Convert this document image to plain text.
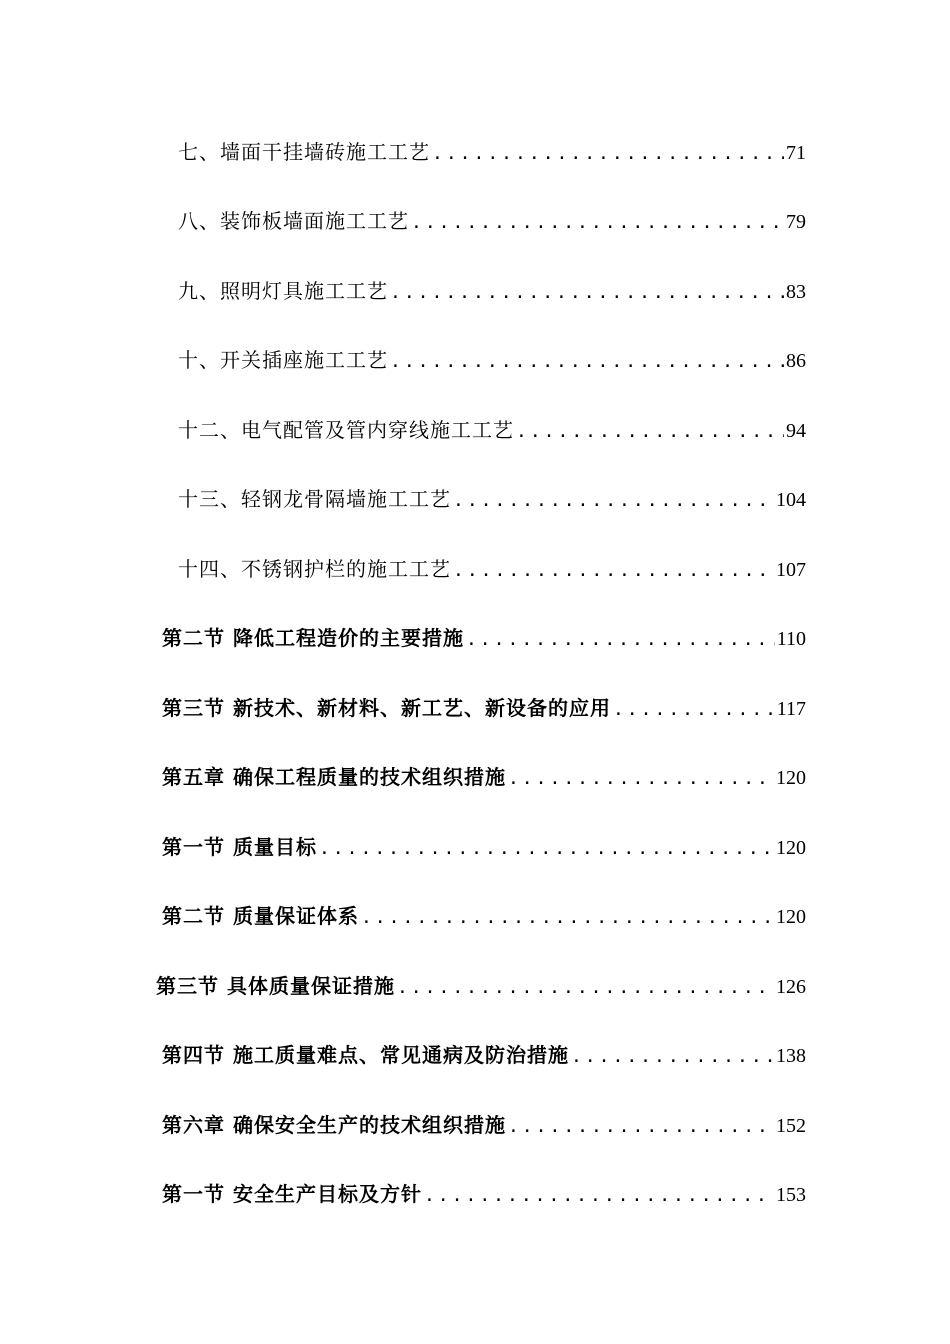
七、墙面干挂墙砖施工工艺 .....	71
八、装饰板墙面施工工艺 .....	79
九、照明灯具施工工艺 .....	83
十、开关插座施工工艺 .....	86
十二、电气配管及管内穿线施工工艺 .....	94
十三、轻钢龙骨隔墙施工工艺 .....	104
十四、不锈钢护栏的施工工艺 .....	107
第二节 降低工程造价的主要措施 .....	110
第三节 新技术、新材料、新工艺、新设备的应用 .....	117
第五章 确保工程质量的技术组织措施 .....	120
第一节 质量目标 .....	120
第二节 质量保证体系 .....	120
第三节 具体质量保证措施 .....	126
第四节 施工质量难点、常见通病及防治措施 .....	138
第六章 确保安全生产的技术组织措施 .....	152
第一节 安全生产目标及方针 .....	153
